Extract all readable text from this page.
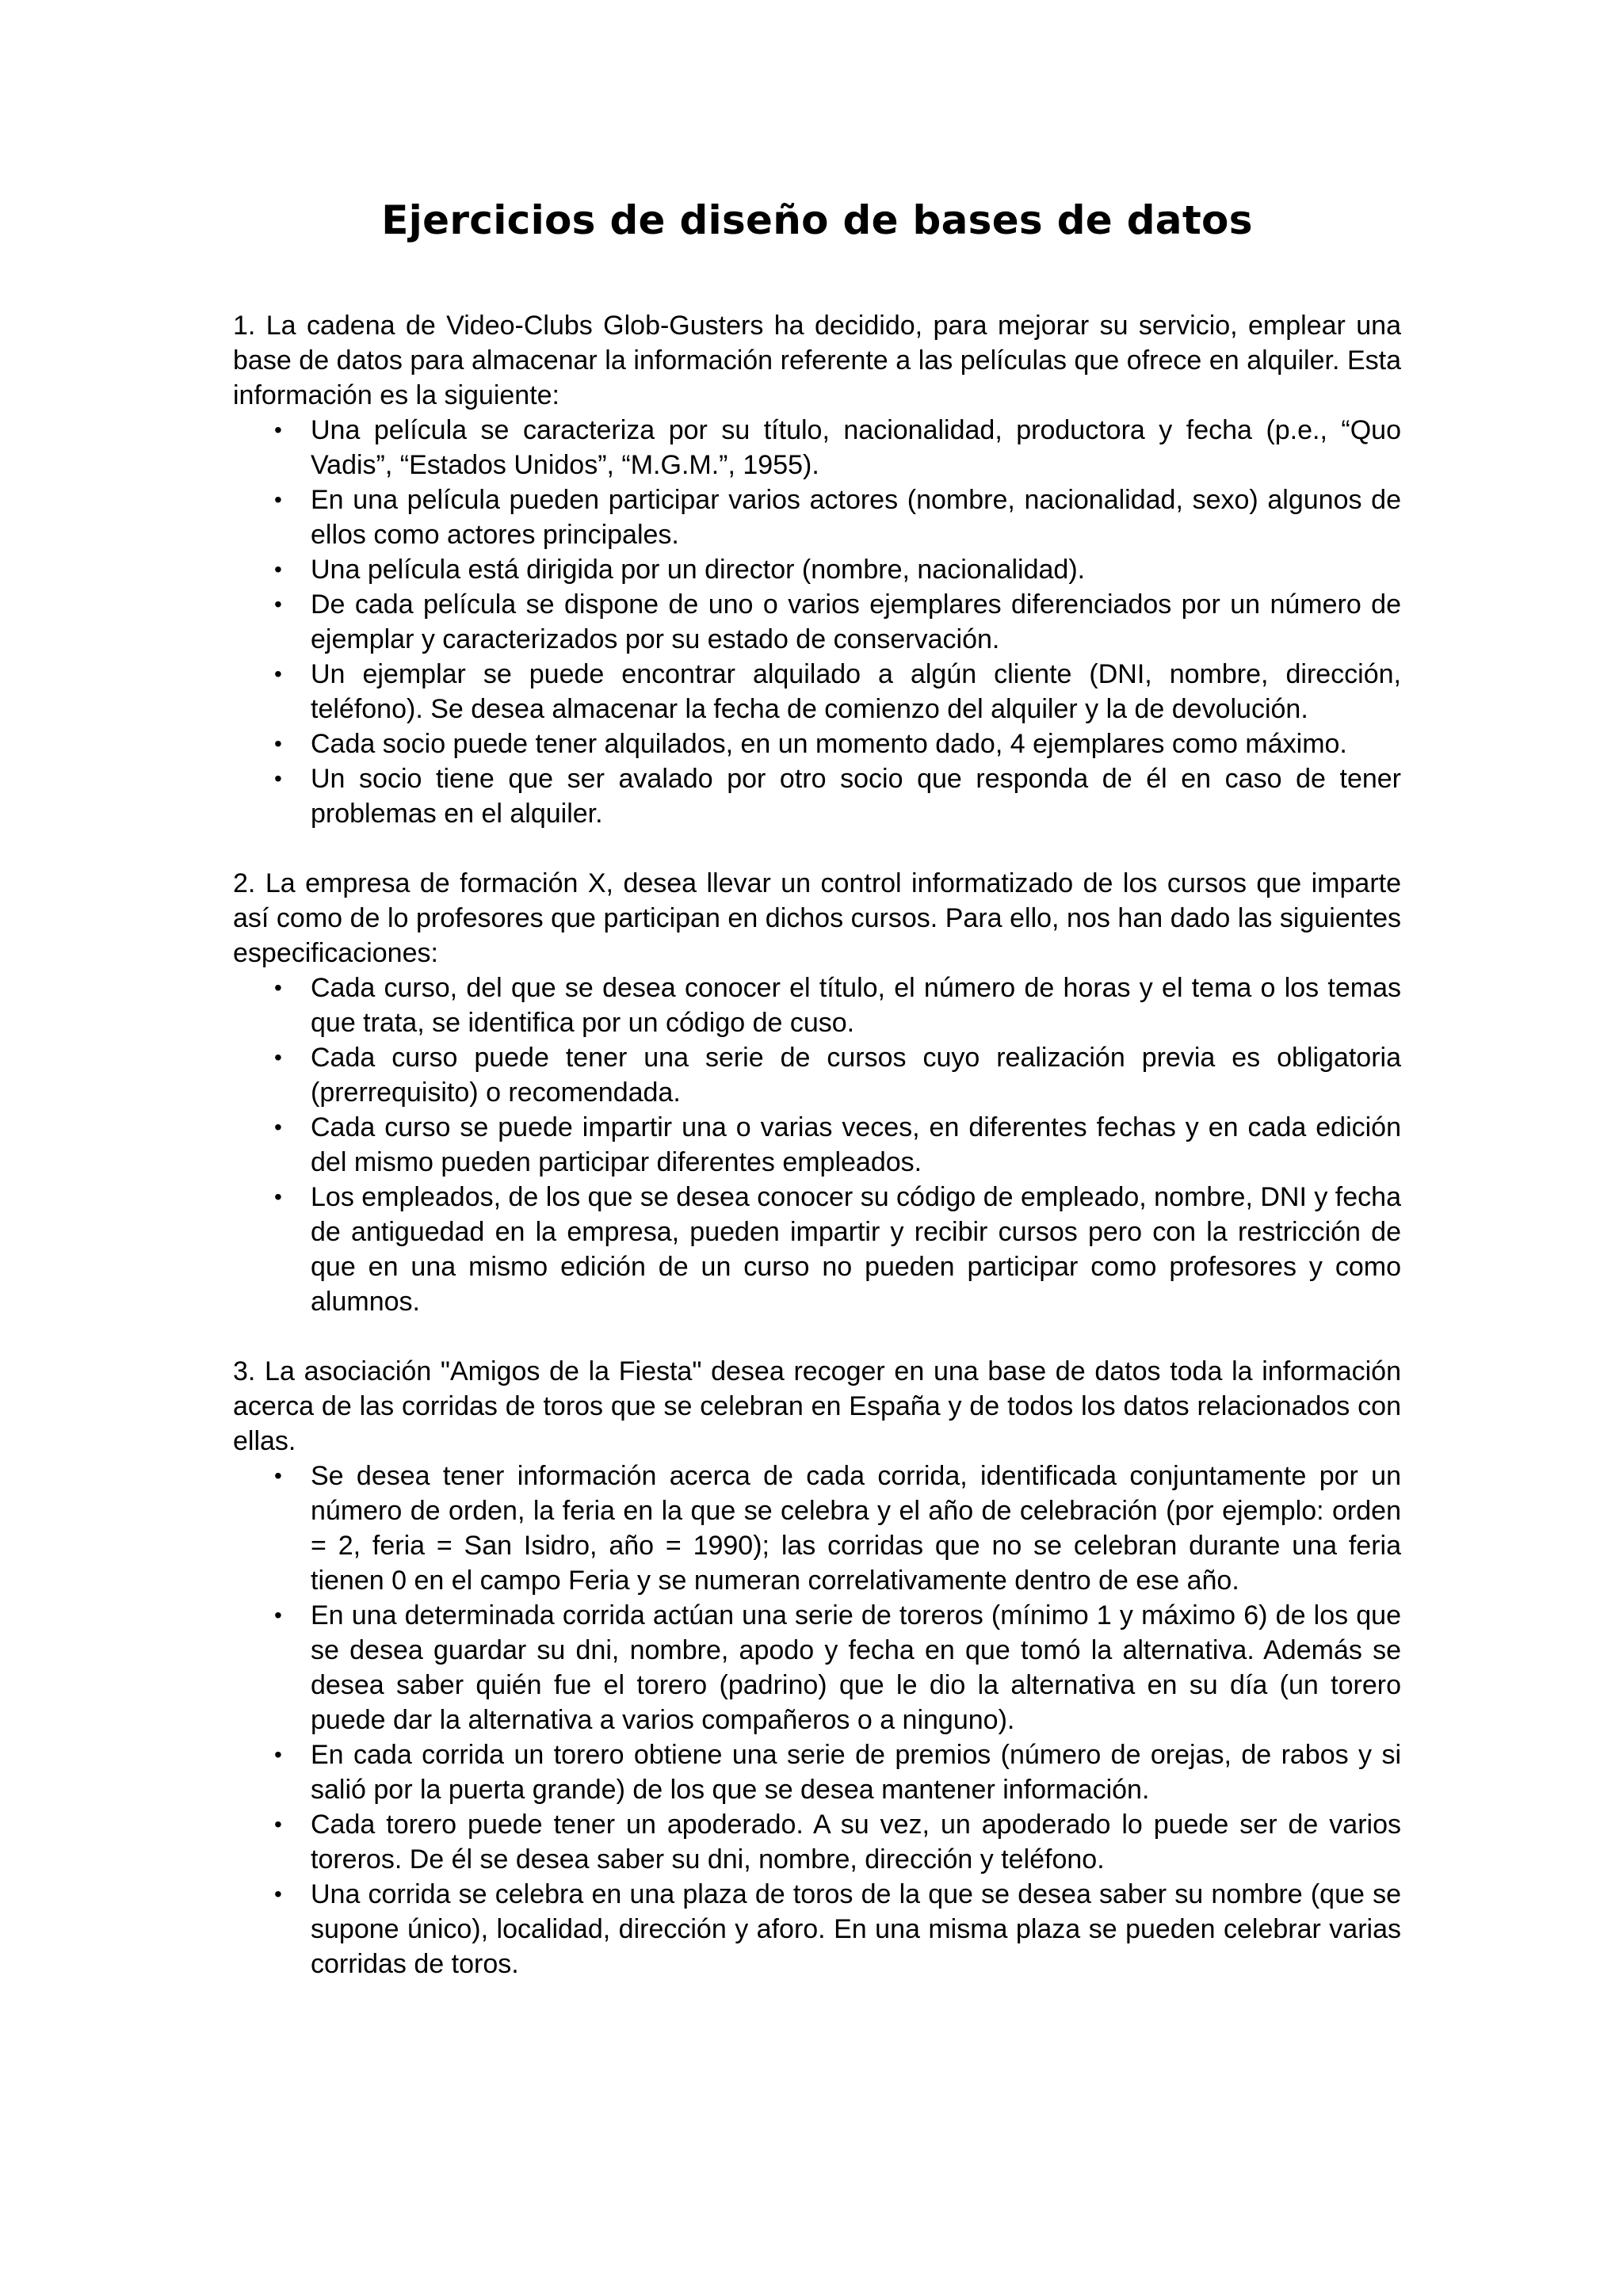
Ejercicios de diseño de bases de datos

1. La cadena de Video-Clubs Glob-Gusters ha decidido, para mejorar su servicio, emplear una base de datos para almacenar la información referente a las películas que ofrece en alquiler. Esta información es la siguiente:

• Una película se caracteriza por su título, nacionalidad, productora y fecha (p.e., “Quo Vadis”, “Estados Unidos”, “M.G.M.”, 1955).
• En una película pueden participar varios actores (nombre, nacionalidad, sexo) algunos de ellos como actores principales.
• Una película está dirigida por un director (nombre, nacionalidad).
• De cada película se dispone de uno o varios ejemplares diferenciados por un número de ejemplar y caracterizados por su estado de conservación.
• Un ejemplar se puede encontrar alquilado a algún cliente (DNI, nombre, dirección, teléfono). Se desea almacenar la fecha de comienzo del alquiler y la de devolución.
• Cada socio puede tener alquilados, en un momento dado, 4 ejemplares como máximo.
• Un socio tiene que ser avalado por otro socio que responda de él en caso de tener problemas en el alquiler.

2. La empresa de formación X, desea llevar un control informatizado de los cursos que imparte así como de lo profesores que participan en dichos cursos. Para ello, nos han dado las siguientes especificaciones:

• Cada curso, del que se desea conocer el título, el número de horas y el tema o los temas que trata, se identifica por un código de cuso.
• Cada curso puede tener una serie de cursos cuyo realización previa es obligatoria (prerrequisito) o recomendada.
• Cada curso se puede impartir una o varias veces, en diferentes fechas y en cada edición del mismo pueden participar diferentes empleados.
• Los empleados, de los que se desea conocer su código de empleado, nombre, DNI y fecha de antiguedad en la empresa, pueden impartir y recibir cursos pero con la restricción de que en una mismo edición de un curso no pueden participar como profesores y como alumnos.

3. La asociación "Amigos de la Fiesta" desea recoger en una base de datos toda la información acerca de las corridas de toros que se celebran en España y de todos los datos relacionados con ellas.

• Se desea tener información acerca de cada corrida, identificada conjuntamente por un número de orden, la feria en la que se celebra y el año de celebración (por ejemplo: orden = 2, feria = San Isidro, año = 1990); las corridas que no se celebran durante una feria tienen 0 en el campo Feria y se numeran correlativamente dentro de ese año.
• En una determinada corrida actúan una serie de toreros (mínimo 1 y máximo 6) de los que se desea guardar su dni, nombre, apodo y fecha en que tomó la alternativa. Además se desea saber quién fue el torero (padrino) que le dio la alternativa en su día (un torero puede dar la alternativa a varios compañeros o a ninguno).
• En cada corrida un torero obtiene una serie de premios (número de orejas, de rabos y si salió por la puerta grande) de los que se desea mantener información.
• Cada torero puede tener un apoderado. A su vez, un apoderado lo puede ser de varios toreros. De él se desea saber su dni, nombre, dirección y teléfono.
• Una corrida se celebra en una plaza de toros de la que se desea saber su nombre (que se supone único), localidad, dirección y aforo. En una misma plaza se pueden celebrar varias corridas de toros.
